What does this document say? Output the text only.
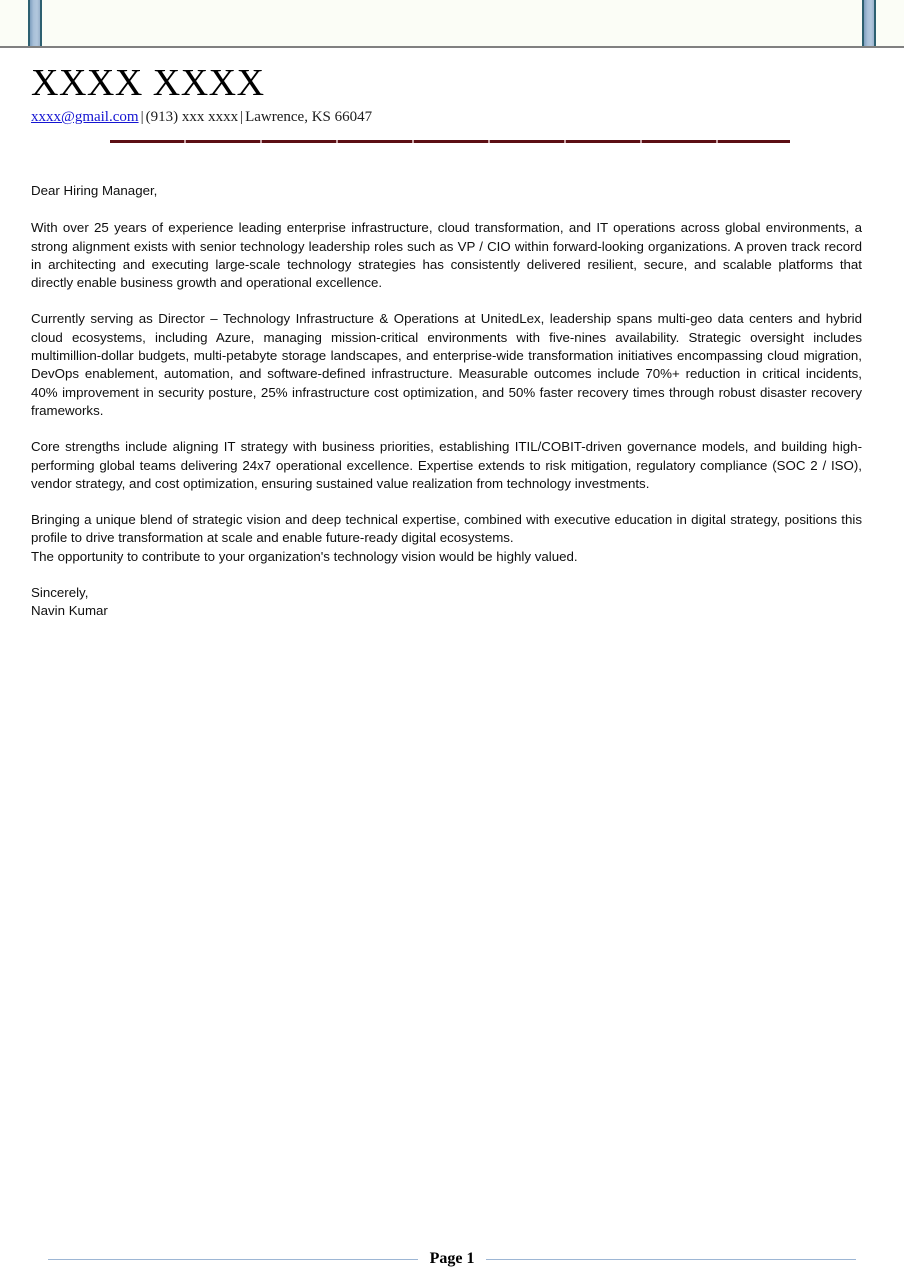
XXXX XXXX
xxxx@gmail.com | (913) xxx xxxx | Lawrence, KS 66047

Dear Hiring Manager,

With over 25 years of experience leading enterprise infrastructure, cloud transformation, and IT operations across global environments, a strong alignment exists with senior technology leadership roles such as VP / CIO within forward-looking organizations. A proven track record in architecting and executing large-scale technology strategies has consistently delivered resilient, secure, and scalable platforms that directly enable business growth and operational excellence.

Currently serving as Director – Technology Infrastructure & Operations at UnitedLex, leadership spans multi-geo data centers and hybrid cloud ecosystems, including Azure, managing mission-critical environments with five-nines availability. Strategic oversight includes multimillion-dollar budgets, multi-petabyte storage landscapes, and enterprise-wide transformation initiatives encompassing cloud migration, DevOps enablement, automation, and software-defined infrastructure. Measurable outcomes include 70%+ reduction in critical incidents, 40% improvement in security posture, 25% infrastructure cost optimization, and 50% faster recovery times through robust disaster recovery frameworks.

Core strengths include aligning IT strategy with business priorities, establishing ITIL/COBIT-driven governance models, and building high-performing global teams delivering 24x7 operational excellence. Expertise extends to risk mitigation, regulatory compliance (SOC 2 / ISO), vendor strategy, and cost optimization, ensuring sustained value realization from technology investments.

Bringing a unique blend of strategic vision and deep technical expertise, combined with executive education in digital strategy, positions this profile to drive transformation at scale and enable future-ready digital ecosystems.

The opportunity to contribute to your organization's technology vision would be highly valued.

Sincerely,

Navin Kumar

Page 1
